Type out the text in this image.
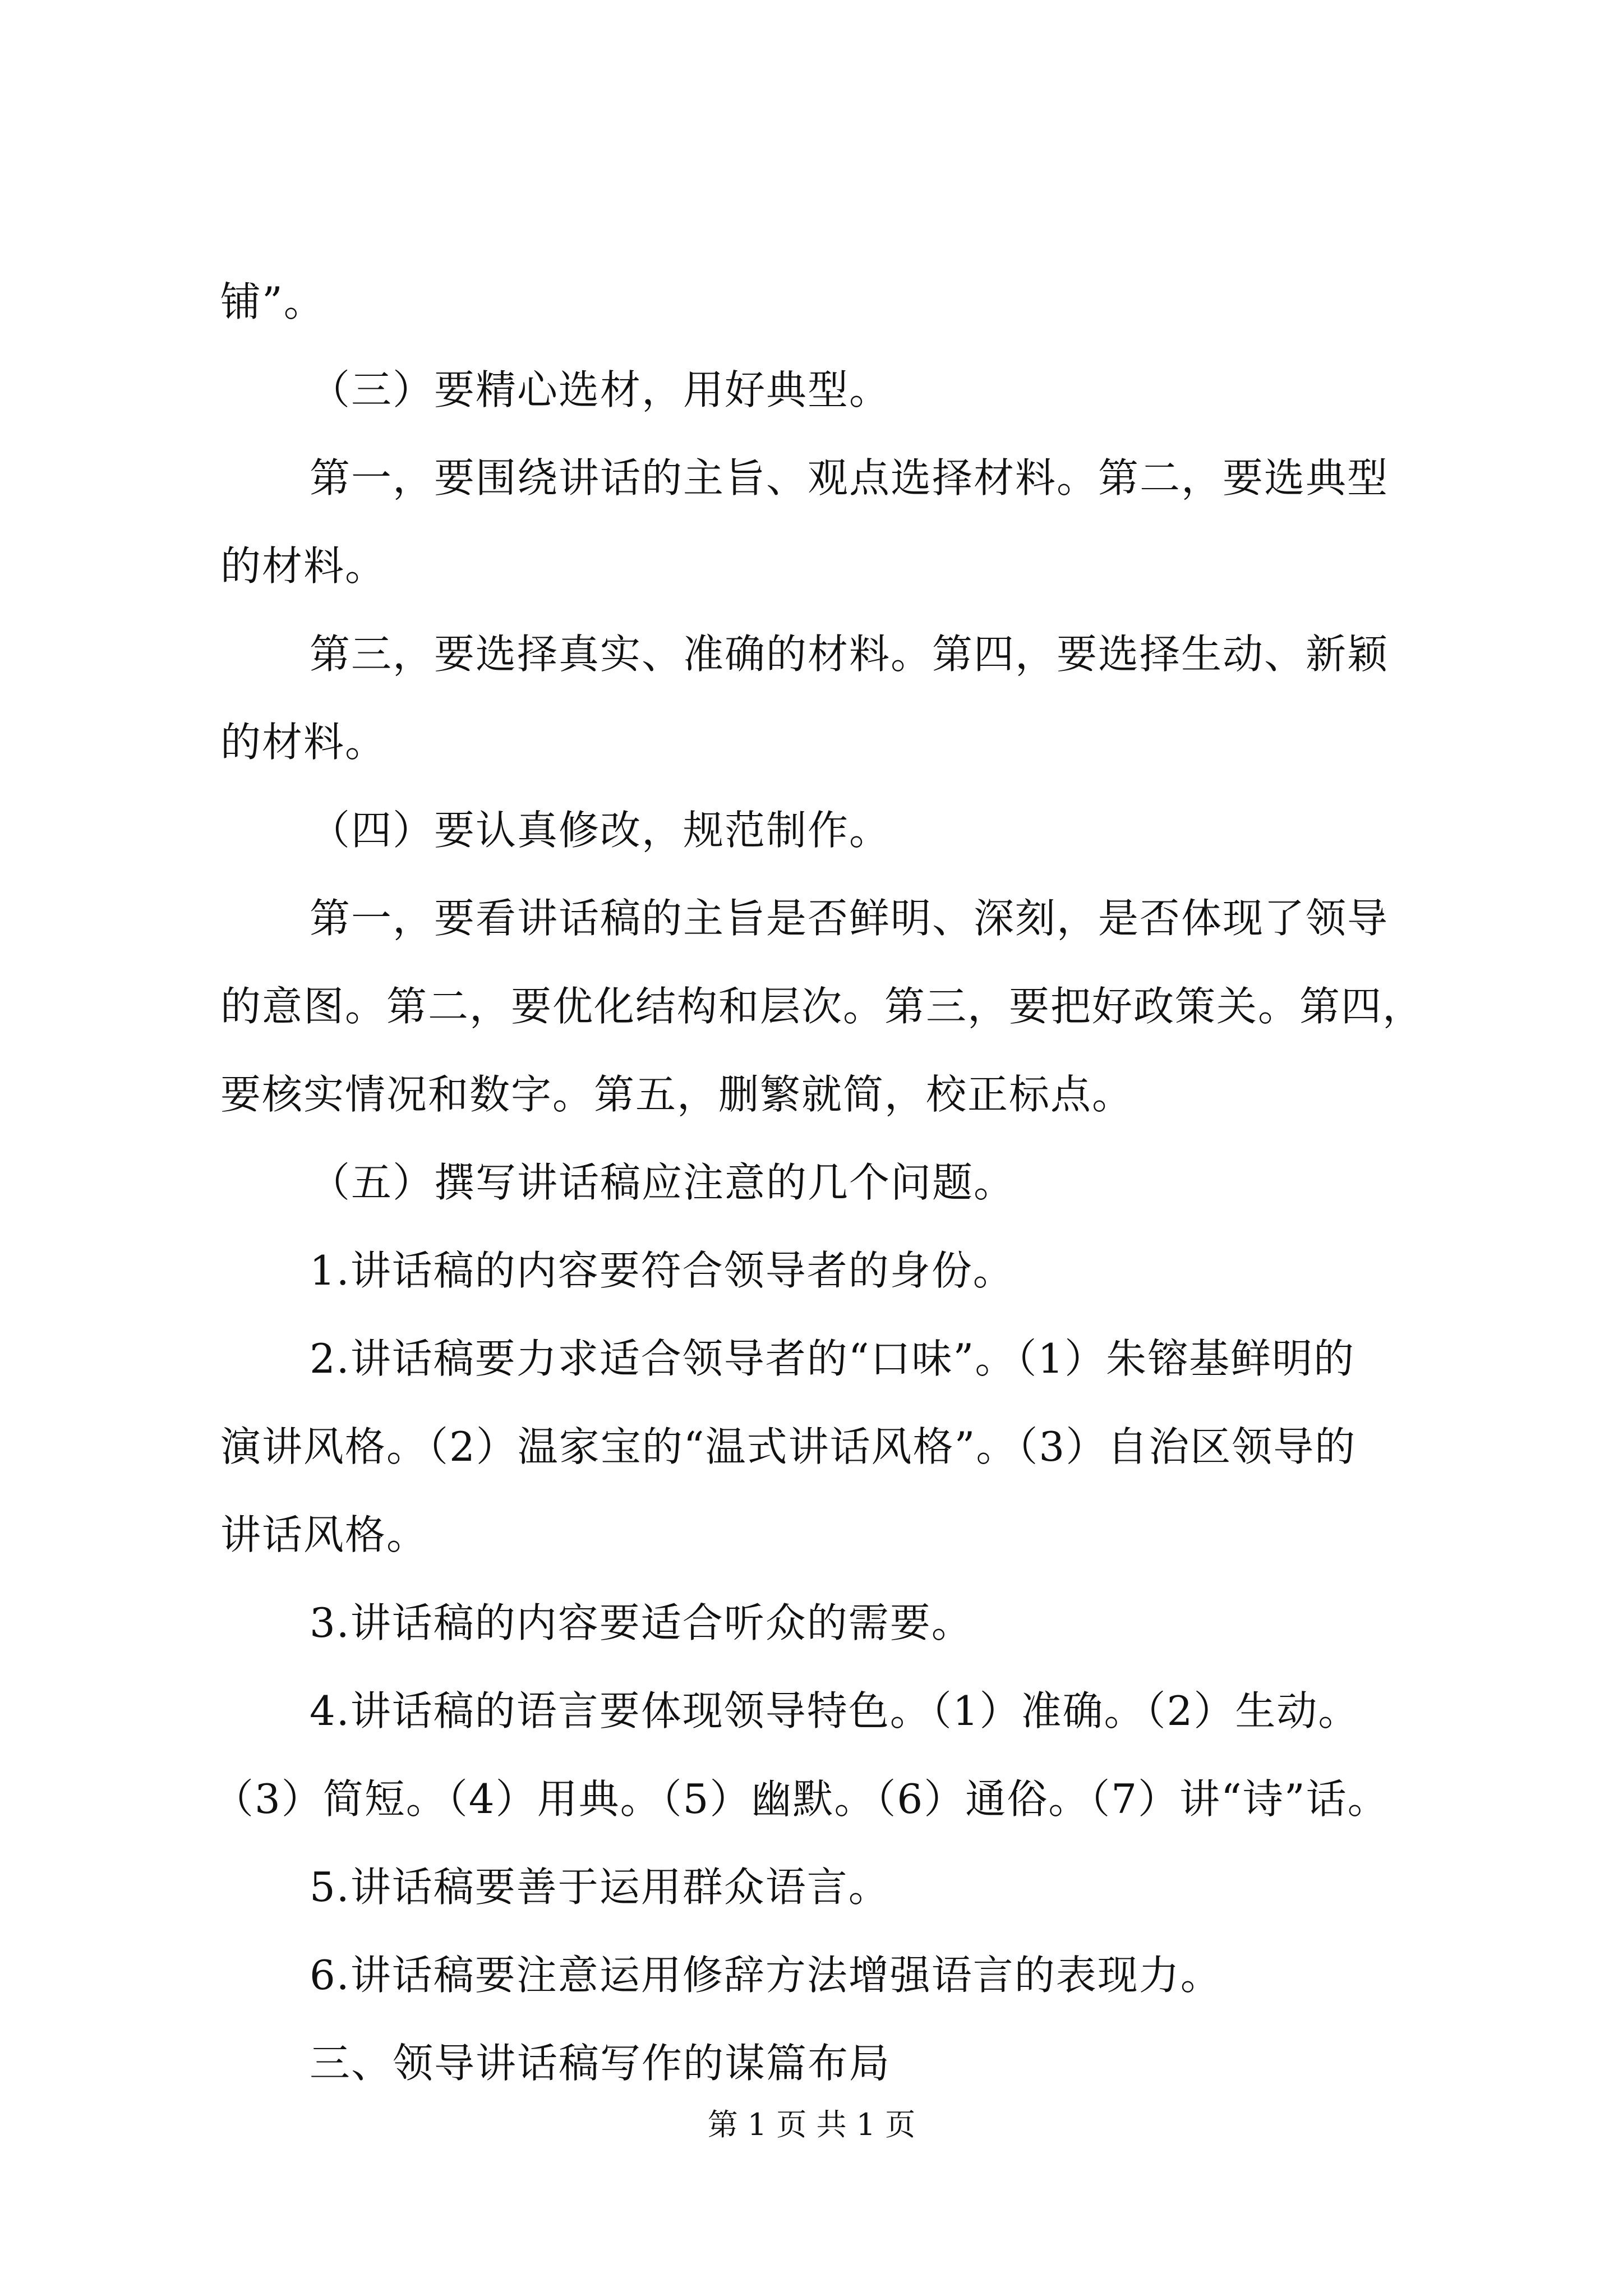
铺”。
（三）要精心选材，用好典型。
第一，要围绕讲话的主旨、观点选择材料。第二，要选典型
的材料。
第三，要选择真实、准确的材料。第四，要选择生动、新颖
的材料。
（四）要认真修改，规范制作。
第一，要看讲话稿的主旨是否鲜明、深刻，是否体现了领导
的意图。第二，要优化结构和层次。第三，要把好政策关。第四，
要核实情况和数字。第五，删繁就简，校正标点。
（五）撰写讲话稿应注意的几个问题。
1.讲话稿的内容要符合领导者的身份。
2.讲话稿要力求适合领导者的“口味”。（1）朱镕基鲜明的
演讲风格。（2）温家宝的“温式讲话风格”。（3）自治区领导的
讲话风格。
3.讲话稿的内容要适合听众的需要。
4.讲话稿的语言要体现领导特色。（1）准确。（2）生动。
（3）简短。（4）用典。（5）幽默。（6）通俗。（7）讲“诗”话。
5.讲话稿要善于运用群众语言。
6.讲话稿要注意运用修辞方法增强语言的表现力。
三、领导讲话稿写作的谋篇布局
第 1 页 共 1 页
